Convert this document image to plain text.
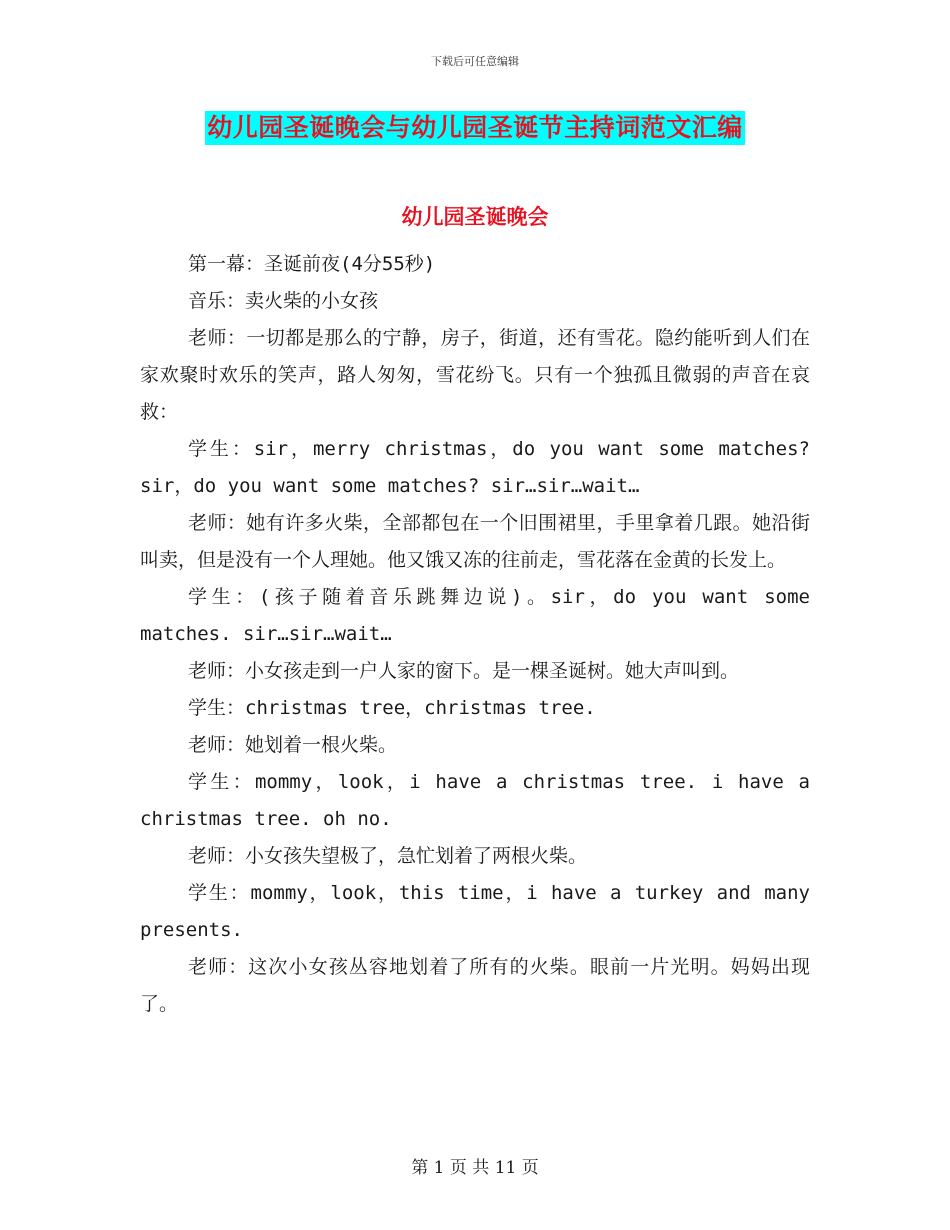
下载后可任意编辑
幼儿园圣诞晚会与幼儿园圣诞节主持词范文汇编
幼儿园圣诞晚会

第一幕：圣诞前夜(4分55秒)

音乐：卖火柴的小女孩

老师：一切都是那么的宁静，房子，街道，还有雪花。隐约能听到人们在家欢聚时欢乐的笑声，路人匆匆，雪花纷飞。只有一个独孤且微弱的声音在哀救：

学生：sir，merry christmas，do you want some matches? sir，do you want some matches? sir…sir…wait…

老师：她有许多火柴，全部都包在一个旧围裙里，手里拿着几跟。她沿街叫卖，但是没有一个人理她。他又饿又冻的往前走，雪花落在金黄的长发上。

学生：(孩子随着音乐跳舞边说)。sir，do you want some matches. sir…sir…wait…

老师：小女孩走到一户人家的窗下。是一棵圣诞树。她大声叫到。

学生：christmas tree，christmas tree.

老师：她划着一根火柴。

学生：mommy，look，i have a christmas tree. i have a christmas tree. oh no.

老师：小女孩失望极了，急忙划着了两根火柴。

学生：mommy，look，this time，i have a turkey and many presents.

老师：这次小女孩丛容地划着了所有的火柴。眼前一片光明。妈妈出现了。

第 1 页 共 11 页
